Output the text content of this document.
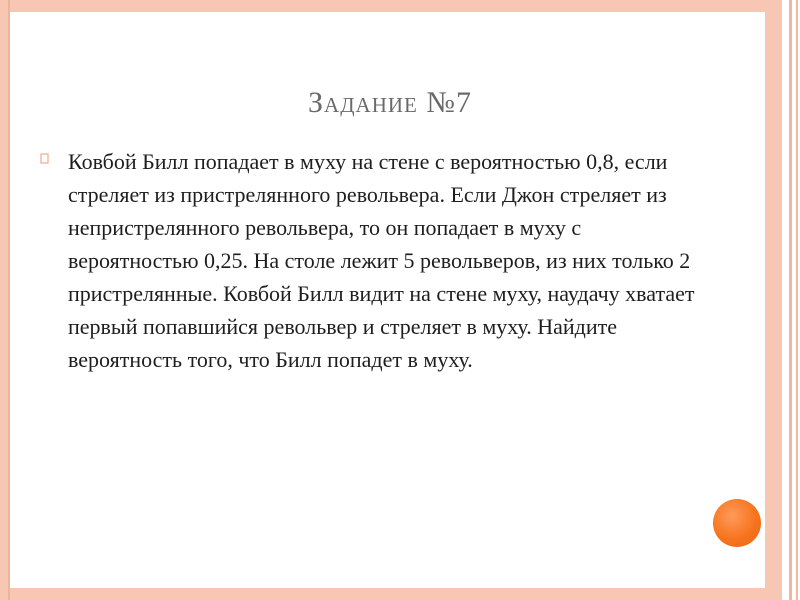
Задание №7
Ковбой Билл попадает в муху на стене с вероятностью 0,8, если стреляет из пристрелянного револьвера. Если Джон стреляет из непристрелянного револьвера, то он попадает в муху с вероятностью 0,25. На столе лежит 5 револьверов, из них только 2 пристрелянные. Ковбой Билл видит на стене муху, наудачу хватает первый попавшийся револьвер и стреляет в муху. Найдите вероятность того, что Билл попадет в муху.
